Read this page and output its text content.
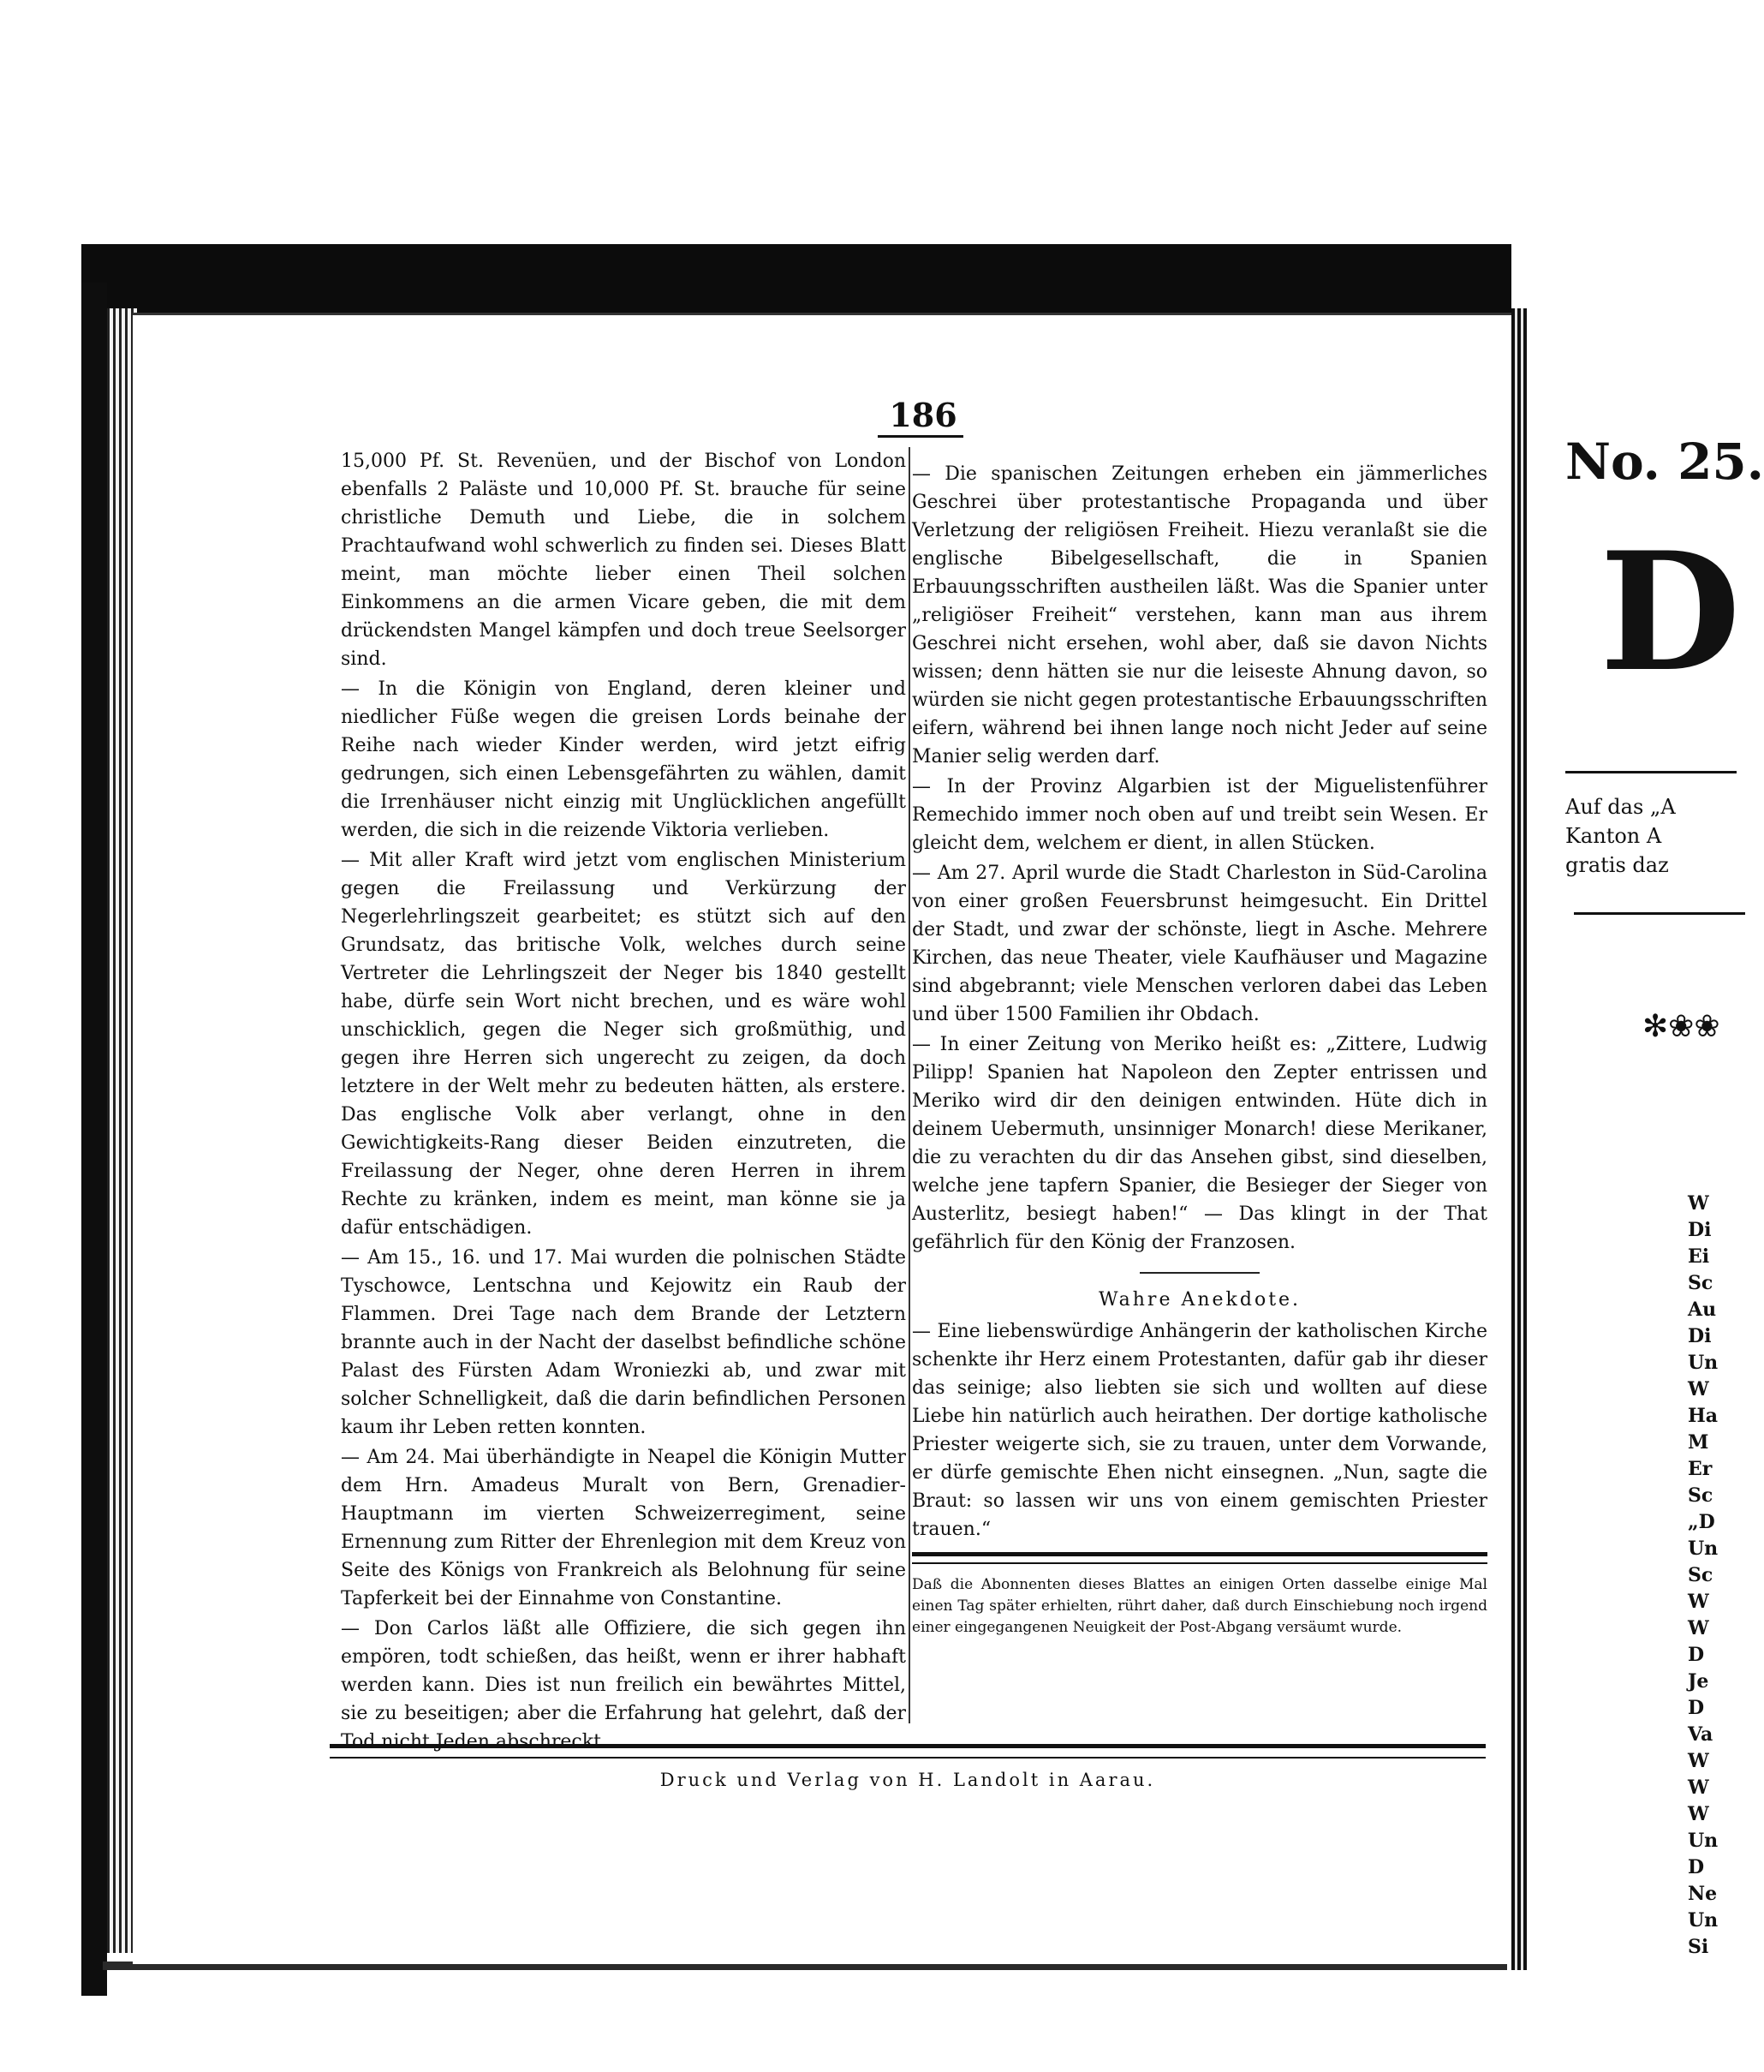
186

15,000 Pf. St. Revenüen, und der Bischof von London ebenfalls 2 Paläste und 10,000 Pf. St. brauche für seine christliche Demuth und Liebe, die in solchem Prachtaufwand wohl schwerlich zu finden sei. Dieses Blatt meint, man möchte lieber einen Theil solchen Einkommens an die armen Vicare geben, die mit dem drückendsten Mangel kämpfen und doch treue Seelsorger sind.

— In die Königin von England, deren kleiner und niedlicher Füße wegen die greisen Lords beinahe der Reihe nach wieder Kinder werden, wird jetzt eifrig gedrungen, sich einen Lebensgefährten zu wählen, damit die Irrenhäuser nicht einzig mit Unglücklichen angefüllt werden, die sich in die reizende Viktoria verlieben.

— Mit aller Kraft wird jetzt vom englischen Ministerium gegen die Freilassung und Verkürzung der Negerlehrlingszeit gearbeitet; es stützt sich auf den Grundsatz, das britische Volk, welches durch seine Vertreter die Lehrlingszeit der Neger bis 1840 gestellt habe, dürfe sein Wort nicht brechen, und es wäre wohl unschicklich, gegen die Neger sich großmüthig, und gegen ihre Herren sich ungerecht zu zeigen, da doch letztere in der Welt mehr zu bedeuten hätten, als erstere. Das englische Volk aber verlangt, ohne in den Gewichtigkeits-Rang dieser Beiden einzutreten, die Freilassung der Neger, ohne deren Herren in ihrem Rechte zu kränken, indem es meint, man könne sie ja dafür entschädigen.

— Am 15., 16. und 17. Mai wurden die polnischen Städte Tyschowce, Lentschna und Kejowitz ein Raub der Flammen. Drei Tage nach dem Brande der Letztern brannte auch in der Nacht der daselbst befindliche schöne Palast des Fürsten Adam Wroniezki ab, und zwar mit solcher Schnelligkeit, daß die darin befindlichen Personen kaum ihr Leben retten konnten.

— Am 24. Mai überhändigte in Neapel die Königin Mutter dem Hrn. Amadeus Muralt von Bern, Grenadier-Hauptmann im vierten Schweizerregiment, seine Ernennung zum Ritter der Ehrenlegion mit dem Kreuz von Seite des Königs von Frankreich als Belohnung für seine Tapferkeit bei der Einnahme von Constantine.

— Don Carlos läßt alle Offiziere, die sich gegen ihn empören, todt schießen, das heißt, wenn er ihrer habhaft werden kann. Dies ist nun freilich ein bewährtes Mittel, sie zu beseitigen; aber die Erfahrung hat gelehrt, daß der Tod nicht Jeden abschreckt.

— Die spanischen Zeitungen erheben ein jämmerliches Geschrei über protestantische Propaganda und über Verletzung der religiösen Freiheit. Hiezu veranlaßt sie die englische Bibelgesellschaft, die in Spanien Erbauungsschriften austheilen läßt. Was die Spanier unter „religiöser Freiheit“ verstehen, kann man aus ihrem Geschrei nicht ersehen, wohl aber, daß sie davon Nichts wissen; denn hätten sie nur die leiseste Ahnung davon, so würden sie nicht gegen protestantische Erbauungsschriften eifern, während bei ihnen lange noch nicht Jeder auf seine Manier selig werden darf.

— In der Provinz Algarbien ist der Miguelistenführer Remechido immer noch oben auf und treibt sein Wesen. Er gleicht dem, welchem er dient, in allen Stücken.

— Am 27. April wurde die Stadt Charleston in Süd-Carolina von einer großen Feuersbrunst heimgesucht. Ein Drittel der Stadt, und zwar der schönste, liegt in Asche. Mehrere Kirchen, das neue Theater, viele Kaufhäuser und Magazine sind abgebrannt; viele Menschen verloren dabei das Leben und über 1500 Familien ihr Obdach.

— In einer Zeitung von Meriko heißt es: „Zittere, Ludwig Pilipp! Spanien hat Napoleon den Zepter entrissen und Meriko wird dir den deinigen entwinden. Hüte dich in deinem Uebermuth, unsinniger Monarch! diese Merikaner, die zu verachten du dir das Ansehen gibst, sind dieselben, welche jene tapfern Spanier, die Besieger der Sieger von Austerlitz, besiegt haben!“ — Das klingt in der That gefährlich für den König der Franzosen.

Wahre Anekdote.

— Eine liebenswürdige Anhängerin der katholischen Kirche schenkte ihr Herz einem Protestanten, dafür gab ihr dieser das seinige; also liebten sie sich und wollten auf diese Liebe hin natürlich auch heirathen. Der dortige katholische Priester weigerte sich, sie zu trauen, unter dem Vorwande, er dürfe gemischte Ehen nicht einsegnen. „Nun, sagte die Braut: so lassen wir uns von einem gemischten Priester trauen.“

Daß die Abonnenten dieses Blattes an einigen Orten dasselbe einige Mal einen Tag später erhielten, rührt daher, daß durch Einschiebung noch irgend einer eingegangenen Neuigkeit der Post-Abgang versäumt wurde.
Druck und Verlag von H. Landolt in Aarau.
No. 25.
D
Auf das „A
Kanton A
gratis daz
✻❀❀
W
Di
Ei
Sc
Au
Di
Un
W
Ha
M
Er
Sc
„D
Un
Sc
W
W
D
Je
D
Va
W
W
W
Un
D
Ne
Un
Si
